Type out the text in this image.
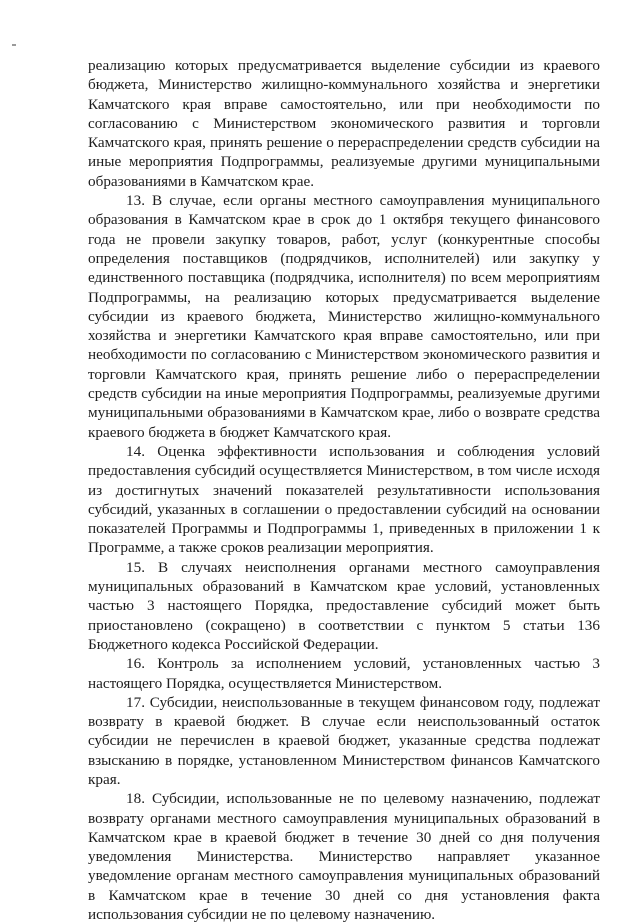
реализацию которых предусматривается выделение субсидии из краевого бюджета, Министерство жилищно-коммунального хозяйства и энергетики Камчатского края вправе самостоятельно, или при необходимости по согласованию с Министерством экономического развития и торговли Камчатского края, принять решение о перераспределении средств субсидии на иные мероприятия Подпрограммы, реализуемые другими муниципальными образованиями в Камчатском крае.

13. В случае, если органы местного самоуправления муниципального образования в Камчатском крае в срок до 1 октября текущего финансового года не провели закупку товаров, работ, услуг (конкурентные способы определения поставщиков (подрядчиков, исполнителей) или закупку у единственного поставщика (подрядчика, исполнителя) по всем мероприятиям Подпрограммы, на реализацию которых предусматривается выделение субсидии из краевого бюджета, Министерство жилищно-коммунального хозяйства и энергетики Камчатского края вправе самостоятельно, или при необходимости по согласованию с Министерством экономического развития и торговли Камчатского края, принять решение либо о перераспределении средств субсидии на иные мероприятия Подпрограммы, реализуемые другими муниципальными образованиями в Камчатском крае, либо о возврате средства краевого бюджета в бюджет Камчатского края.

14. Оценка эффективности использования и соблюдения условий предоставления субсидий осуществляется Министерством, в том числе исходя из достигнутых значений показателей результативности использования субсидий, указанных в соглашении о предоставлении субсидий на основании показателей Программы и Подпрограммы 1, приведенных в приложении 1 к Программе, а также сроков реализации мероприятия.

15. В случаях неисполнения органами местного самоуправления муниципальных образований в Камчатском крае условий, установленных частью 3 настоящего Порядка, предоставление субсидий может быть приостановлено (сокращено) в соответствии с пунктом 5 статьи 136 Бюджетного кодекса Российской Федерации.

16. Контроль за исполнением условий, установленных частью 3 настоящего Порядка, осуществляется Министерством.

17. Субсидии, неиспользованные в текущем финансовом году, подлежат возврату в краевой бюджет. В случае если неиспользованный остаток субсидии не перечислен в краевой бюджет, указанные средства подлежат взысканию в порядке, установленном Министерством финансов Камчатского края.

18. Субсидии, использованные не по целевому назначению, подлежат возврату органами местного самоуправления муниципальных образований в Камчатском крае в краевой бюджет в течение 30 дней со дня получения уведомления Министерства. Министерство направляет указанное уведомление органам местного самоуправления муниципальных образований в Камчатском крае в течение 30 дней со дня установления факта использования субсидии не по целевому назначению.
